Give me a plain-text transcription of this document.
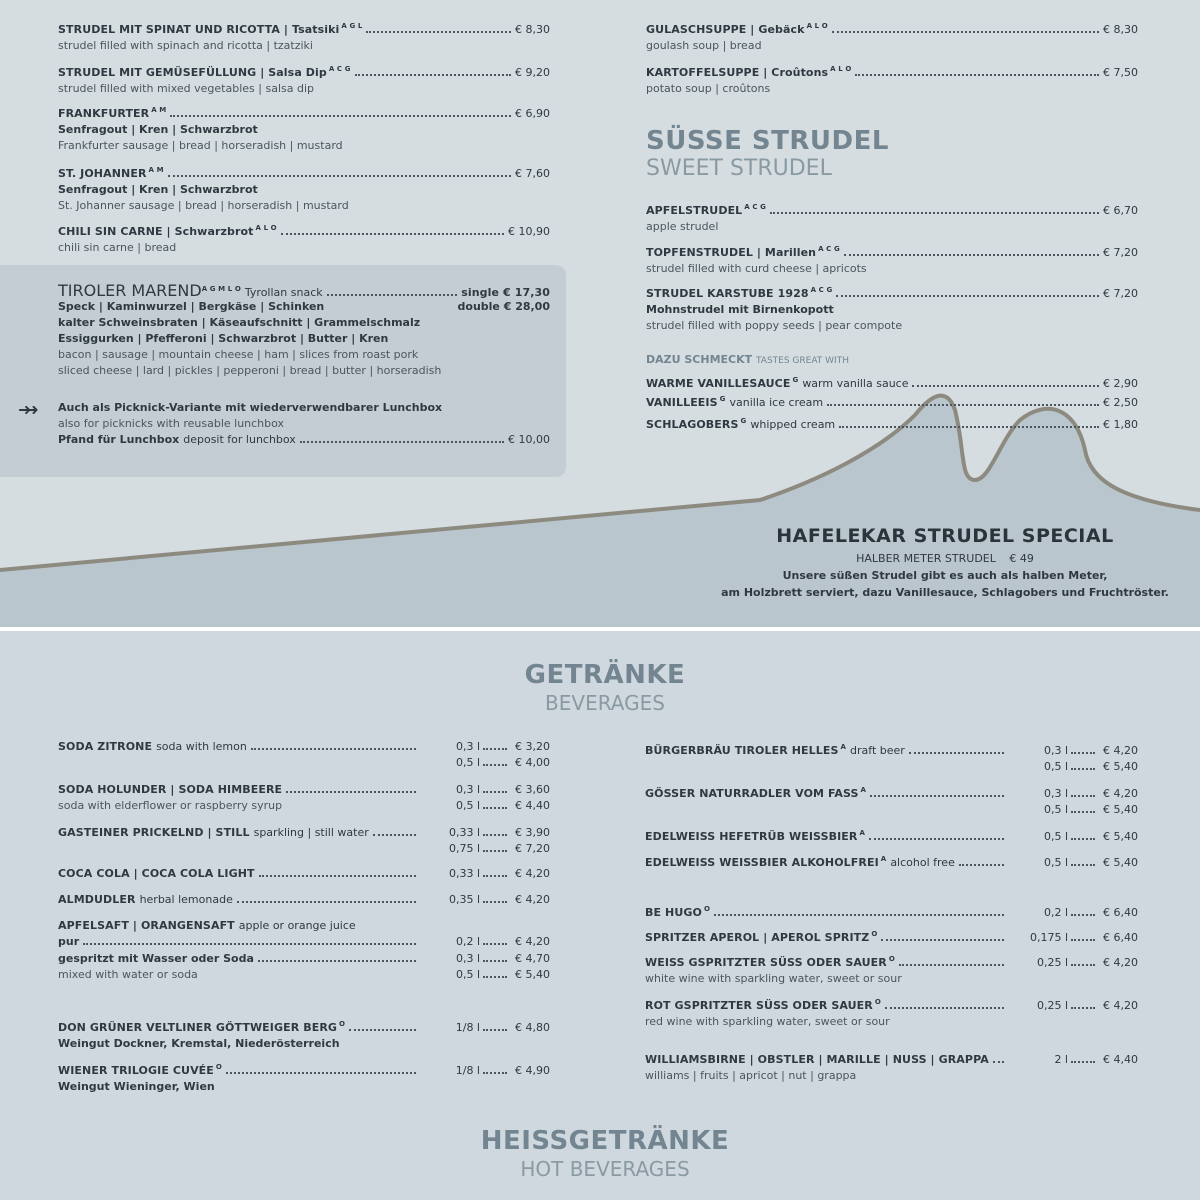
STRUDEL MIT SPINAT UND RICOTTA | Tsatsiki $^{A G L}$	€ 8,30
strudel filled with spinach and ricotta | tzatziki
STRUDEL MIT GEMÜSEFÜLLUNG | Salsa Dip $^{A C G}$	€ 9,20
strudel filled with mixed vegetables | salsa dip
FRANKFURTER $^{A M}$	€ 6,90
Senfragout | Kren | Schwarzbrot
Frankfurter sausage | bread | horseradish | mustard
ST. JOHANNER $^{A M}$	€ 7,60
Senfragout | Kren | Schwarzbrot
St. Johanner sausage | bread | horseradish | mustard
CHILI SIN CARNE | Schwarzbrot $^{A L O}$	€ 10,90
chili sin carne | bread
TIROLER MAREND $^{A G M L O}$ Tyrollan snack	single € 17,30
Speck | Kaminwurzel | Bergkäse | Schinken	double € 28,00
kalter Schweinsbraten | Käseaufschnitt | Grammelschmalz
Essiggurken | Pfefferoni | Schwarzbrot | Butter | Kren
bacon | sausage | mountain cheese | ham | slices from roast pork
sliced cheese | lard | pickles | pepperoni | bread | butter | horseradish
➜➜ Auch als Picknick-Variante mit wiederverwendbarer Lunchbox
also for picknicks with reusable lunchbox
Pfand für Lunchbox deposit for lunchbox	€ 10,00
GULASCHSUPPE | Gebäck $^{A L O}$	€ 8,30
goulash soup | bread
KARTOFFELSUPPE | Croûtons $^{A L O}$	€ 7,50
potato soup | croûtons
SÜSSE STRUDEL
SWEET STRUDEL
APFELSTRUDEL $^{A C G}$	€ 6,70
apple strudel
TOPFENSTRUDEL | Marillen $^{A C G}$	€ 7,20
strudel filled with curd cheese | apricots
STRUDEL KARSTUBE 1928 $^{A C G}$	€ 7,20
Mohnstrudel mit Birnenkopott
strudel filled with poppy seeds | pear compote
DAZU SCHMECKT TASTES GREAT WITH
WARME VANILLESAUCE $^G$ warm vanilla sauce	€ 2,90
VANILLEEIS $^G$ vanilla ice cream	€ 2,50
SCHLAGOBERS $^G$ whipped cream	€ 1,80
HAFELEKAR STRUDEL SPECIAL
HALBER METER STRUDEL € 49
Unsere süßen Strudel gibt es auch als halben Meter,
am Holzbrett serviert, dazu Vanillesauce, Schlagobers und Fruchtröster.
GETRÄNKE
BEVERAGES
SODA ZITRONE soda with lemon	0,3 l	€ 3,20
0,5 l	€ 4,00
SODA HOLUNDER | SODA HIMBEERE	0,3 l	€ 3,60
soda with elderflower or raspberry syrup	0,5 l	€ 4,40
GASTEINER PRICKELND | STILL sparkling | still water	0,33 l	€ 3,90
0,75 l	€ 7,20
COCA COLA | COCA COLA LIGHT	0,33 l	€ 4,20
ALMDUDLER herbal lemonade	0,35 l	€ 4,20
APFELSAFT | ORANGENSAFT apple or orange juice
pur	0,2 l	€ 4,20
gespritzt mit Wasser oder Soda	0,3 l	€ 4,70
mixed with water or soda	0,5 l	€ 5,40
DON GRÜNER VELTLINER GÖTTWEIGER BERG $^O$	1/8 l	€ 4,80
Weingut Dockner, Kremstal, Niederösterreich
WIENER TRILOGIE CUVÉE $^O$	1/8 l	€ 4,90
Weingut Wieninger, Wien
BÜRGERBRÄU TIROLER HELLES $^A$ draft beer	0,3 l	€ 4,20
0,5 l	€ 5,40
GÖSSER NATURRADLER VOM FASS $^A$	0,3 l	€ 4,20
0,5 l	€ 5,40
EDELWEISS HEFETRÜB WEISSBIER $^A$	0,5 l	€ 5,40
EDELWEISS WEISSBIER ALKOHOLFREI $^A$ alcohol free	0,5 l	€ 5,40
BE HUGO $^O$	0,2 l	€ 6,40
SPRITZER APEROL | APEROL SPRITZ $^O$	0,175 l	€ 6,40
WEISS GSPRITZTER SÜSS ODER SAUER $^O$	0,25 l	€ 4,20
white wine with sparkling water, sweet or sour
ROT GSPRITZTER SÜSS ODER SAUER $^O$	0,25 l	€ 4,20
red wine with sparkling water, sweet or sour
WILLIAMSBIRNE | OBSTLER | MARILLE | NUSS | GRAPPA	2 l	€ 4,40
williams | fruits | apricot | nut | grappa
HEISSGETRÄNKE
HOT BEVERAGES
